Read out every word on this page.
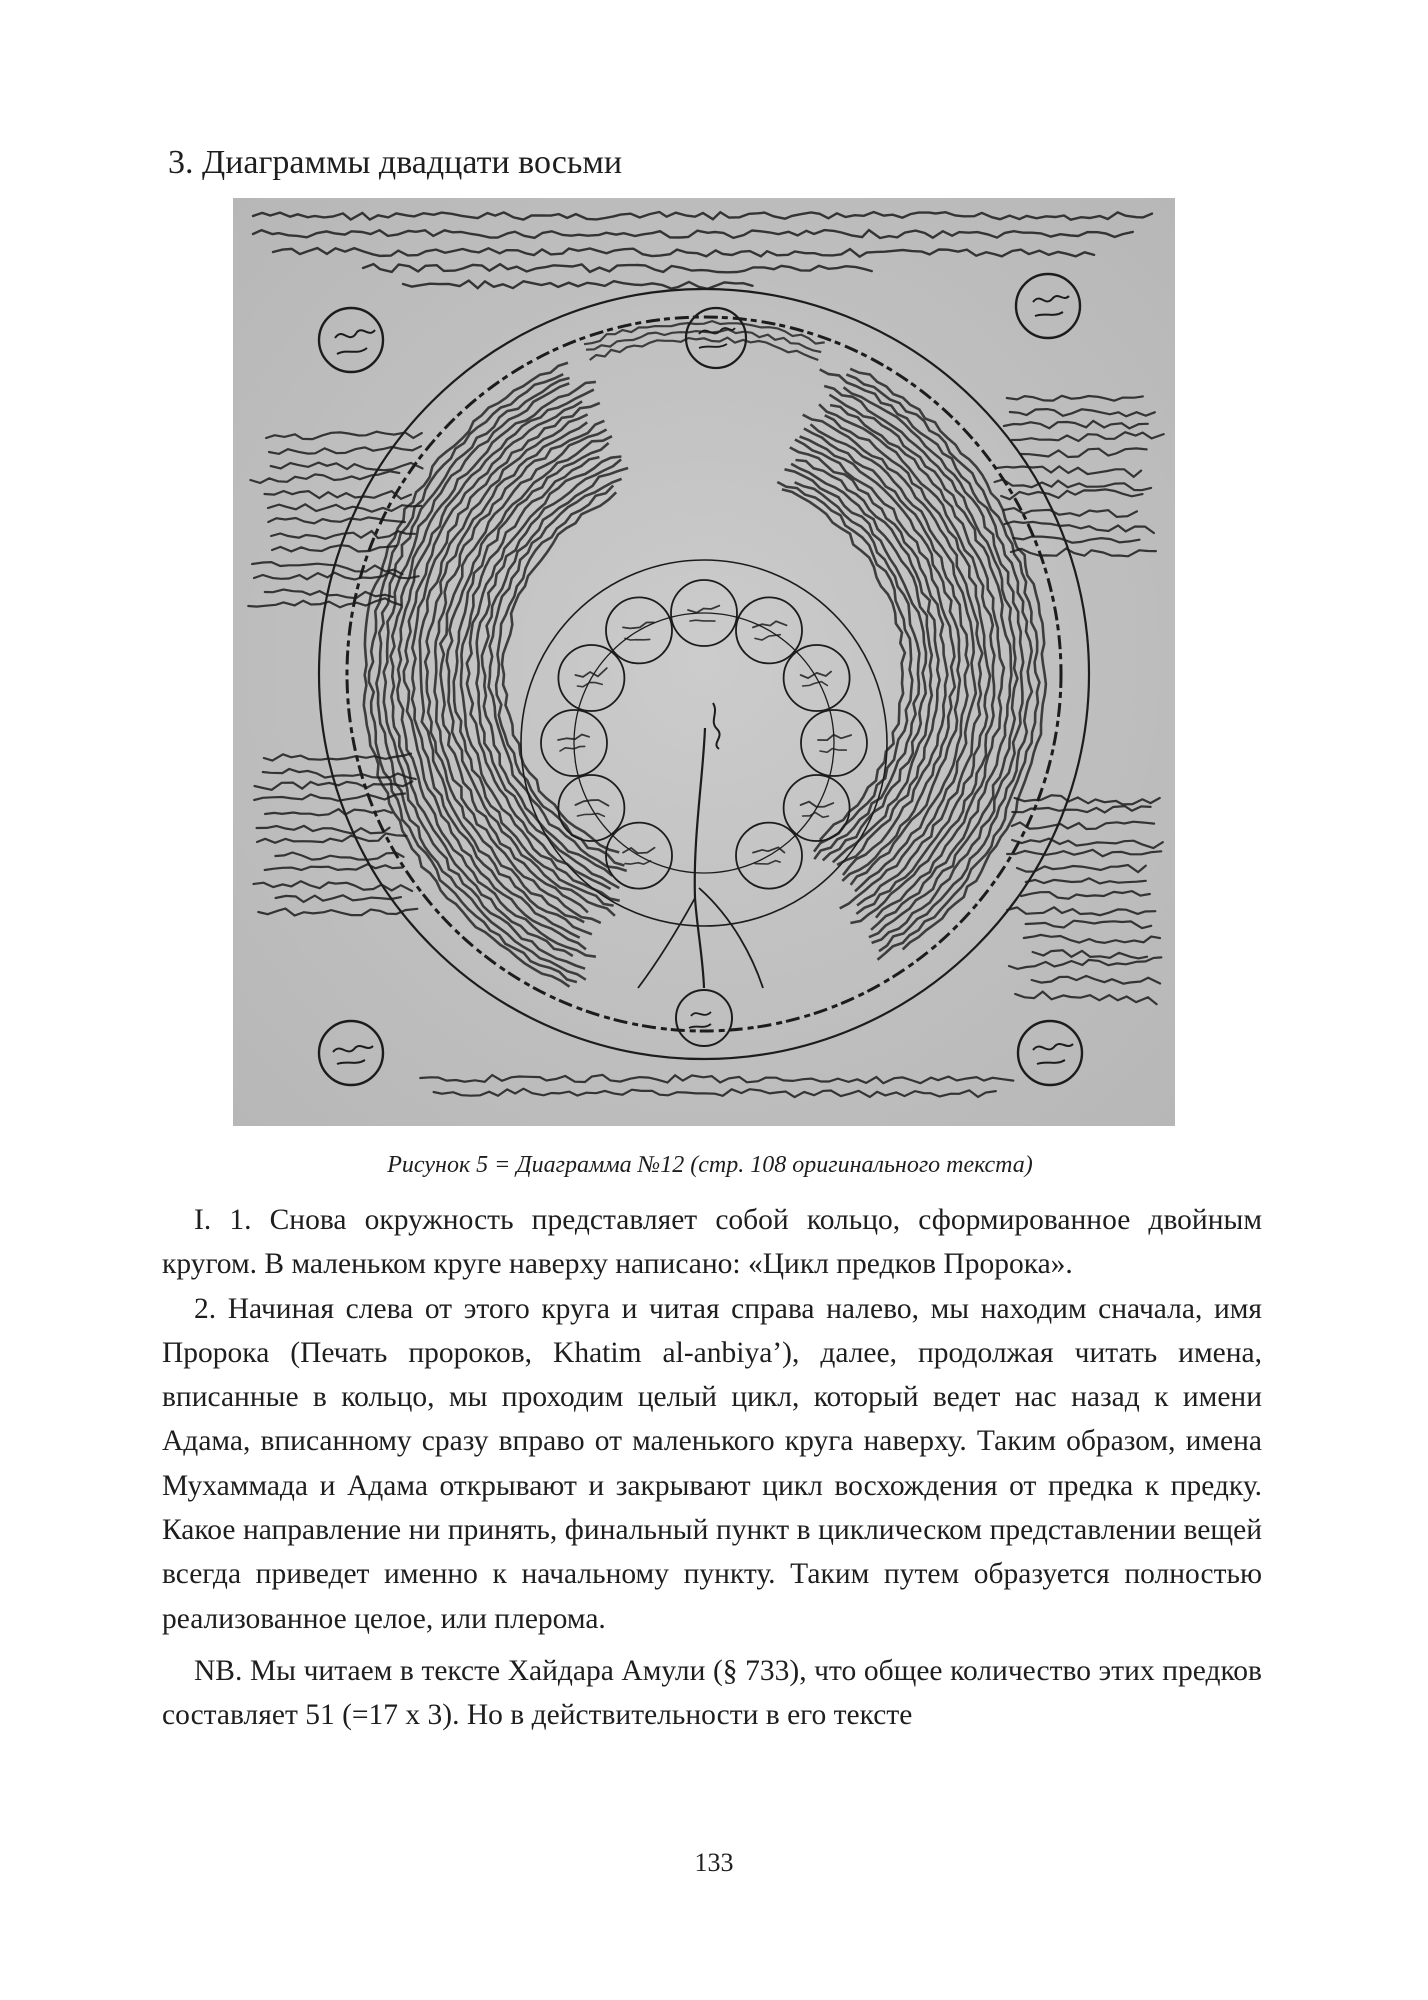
3. Диаграммы двадцати восьми
Рисунок 5 = Диаграмма №12 (стр. 108 оригинального текста)

I. 1. Снова окружность представляет собой кольцо, сформированное двойным кругом. В маленьком круге наверху написано: «Цикл предков Пророка».

2. Начиная слева от этого круга и читая справа налево, мы находим сначала, имя Пророка (Печать пророков, Khatim al-anbiya’), далее, продолжая читать имена, вписанные в кольцо, мы проходим целый цикл, который ведет нас назад к имени Адама, вписанному сразу вправо от маленького круга наверху. Таким образом, имена Мухаммада и Адама открывают и закрывают цикл восхождения от предка к предку. Какое направление ни принять, финальный пункт в циклическом представлении вещей всегда приведет именно к начальному пункту. Таким путем образуется полностью реализованное целое, или плерома.

NB. Мы читаем в тексте Хайдара Амули (§ 733), что общее количество этих предков составляет 51 (=17 х 3). Но в действительности в его тексте

133
